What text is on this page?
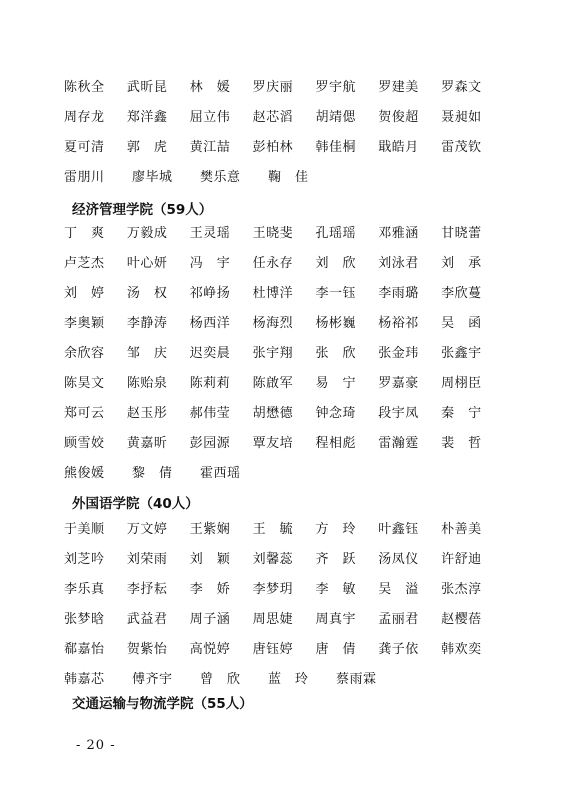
陈秋全	武昕昆	林　媛	罗庆丽	罗宇航	罗建美	罗森文
周存龙	郑洋鑫	屈立伟	赵芯滔	胡靖偲	贺俊超	聂昶如
夏可清	郭　虎	黄江喆	彭柏林	韩佳桐	戢皓月	雷茂钦
雷朋川	廖毕城	樊乐意	鞠　佳
经济管理学院（59人）
丁　爽	万毅成	王灵瑶	王晓斐	孔瑶瑶	邓雅涵	甘晓蕾
卢芝杰	叶心妍	冯　宇	任永存	刘　欣	刘泳君	刘　承
刘　婷	汤　权	祁峥扬	杜博洋	李一钰	李雨璐	李欣蔓
李奥颖	李静涛	杨西洋	杨海烈	杨彬巍	杨裕祁	吴　函
余欣容	邹　庆	迟奕晨	张宇翔	张　欣	张金玮	张鑫宇
陈昊文	陈贻泉	陈莉莉	陈啟军	易　宁	罗嘉豪	周栩臣
郑可云	赵玉彤	郝伟莹	胡懋德	钟念琦	段宇凤	秦　宁
顾雪姣	黄嘉昕	彭园源	覃友培	程相彪	雷瀚霆	裴　哲
熊俊媛	黎　倩	霍西瑶
外国语学院（40人）
于美顺	万文婷	王紫娴	王　毓	方　玲	叶鑫钰	朴善美
刘芝吟	刘荣雨	刘　颖	刘馨蕊	齐　跃	汤凤仪	许舒迪
李乐真	李抒耘	李　娇	李梦玥	李　敏	吴　溢	张杰淳
张梦晗	武益君	周子涵	周思婕	周真宇	孟丽君	赵樱蓓
郗嘉怡	贺紫怡	高悦婷	唐钰婷	唐　倩	龚子依	韩欢奕
韩嘉芯	傅齐宇	曾　欣	蓝　玲	蔡雨霖
交通运输与物流学院（55人）
- 20 -
